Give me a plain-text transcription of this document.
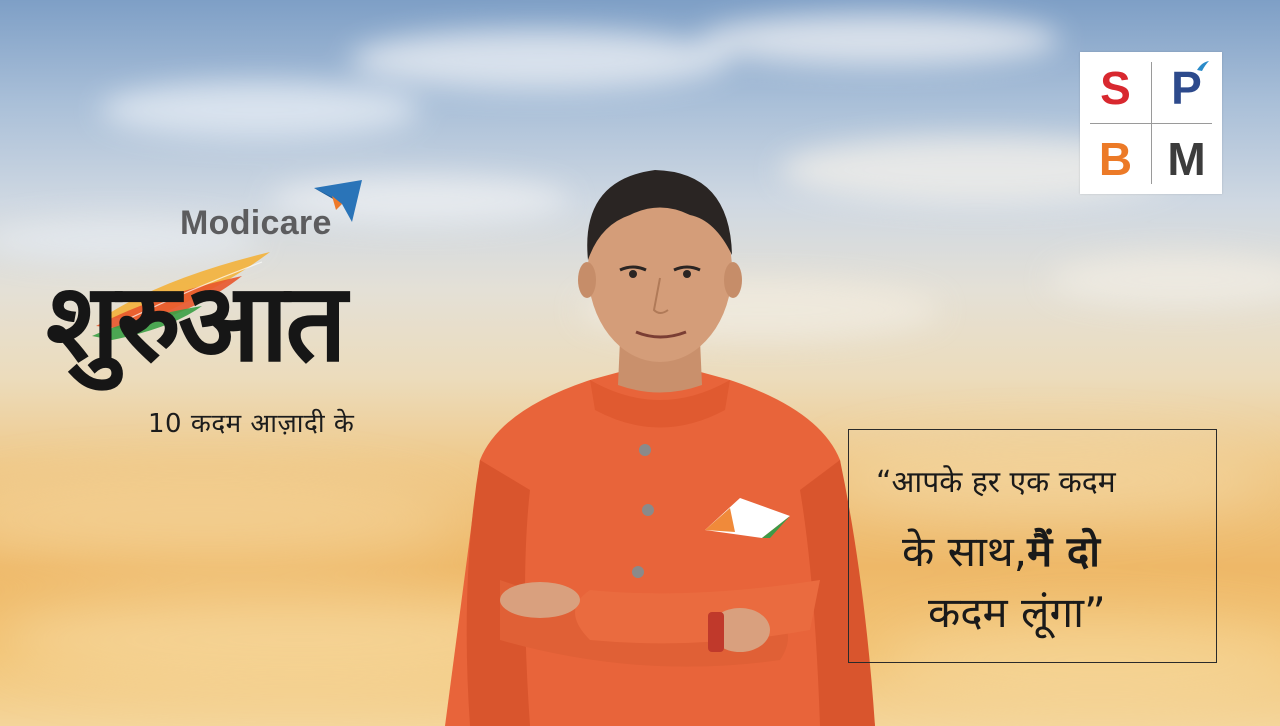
S P
B M
Modicare
शुरुआत
10 कदम आज़ादी के
“आपके हर एक कदम
के साथ,मैं दो
कदम लूंगा”
